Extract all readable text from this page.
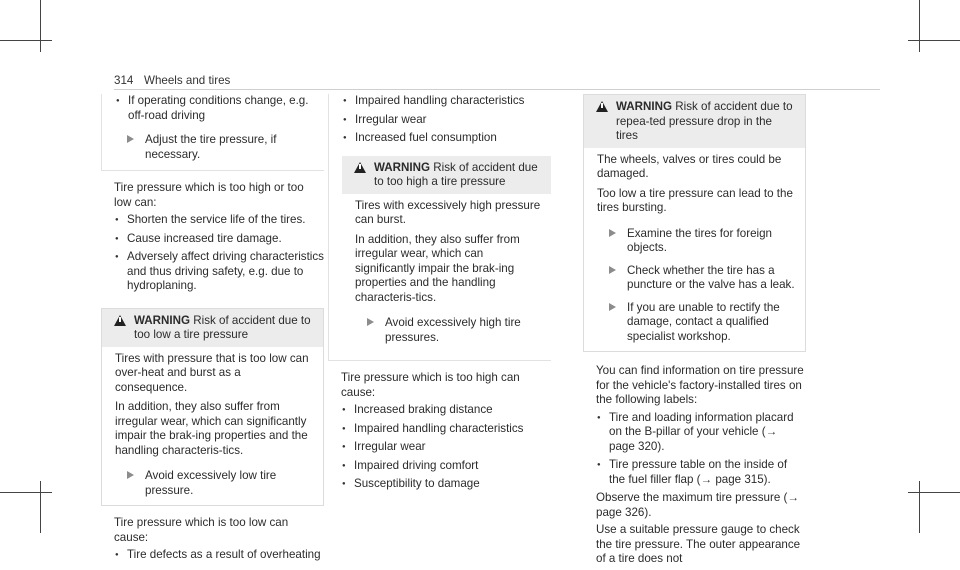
314 Wheels and tires
● If operating conditions change, e.g. off-road driving
Adjust the tire pressure, if necessary.

Tire pressure which is too high or too low can:

● Shorten the service life of the tires.
● Cause increased tire damage.
● Adversely affect driving characteristics and thus driving safety, e.g. due to hydroplaning.
WARNING Risk of accident due to too low a tire pressure

Tires with pressure that is too low can over-heat and burst as a consequence.

In addition, they also suffer from irregular wear, which can significantly impair the brak-ing properties and the handling characteris-tics.

Avoid excessively low tire pressure.

Tire pressure which is too low can cause:

● Tire defects as a result of overheating
● Impaired handling characteristics
● Irregular wear
● Increased fuel consumption
WARNING Risk of accident due to too high a tire pressure

Tires with excessively high pressure can burst.

In addition, they also suffer from irregular wear, which can significantly impair the brak-ing properties and the handling characteris-tics.

Avoid excessively high tire pressures.

Tire pressure which is too high can cause:

● Increased braking distance
● Impaired handling characteristics
● Irregular wear
● Impaired driving comfort
● Susceptibility to damage
WARNING Risk of accident due to repea-ted pressure drop in the tires

The wheels, valves or tires could be damaged.

Too low a tire pressure can lead to the tires bursting.

Examine the tires for foreign objects.
Check whether the tire has a puncture or the valve has a leak.
If you are unable to rectify the damage, contact a qualified specialist workshop.

You can find information on tire pressure for the vehicle's factory-installed tires on the following labels:

● Tire and loading information placard on the B-pillar of your vehicle (→ page 320).
● Tire pressure table on the inside of the fuel filler flap (→ page 315).

Observe the maximum tire pressure (→ page 326).

Use a suitable pressure gauge to check the tire pressure. The outer appearance of a tire does not
